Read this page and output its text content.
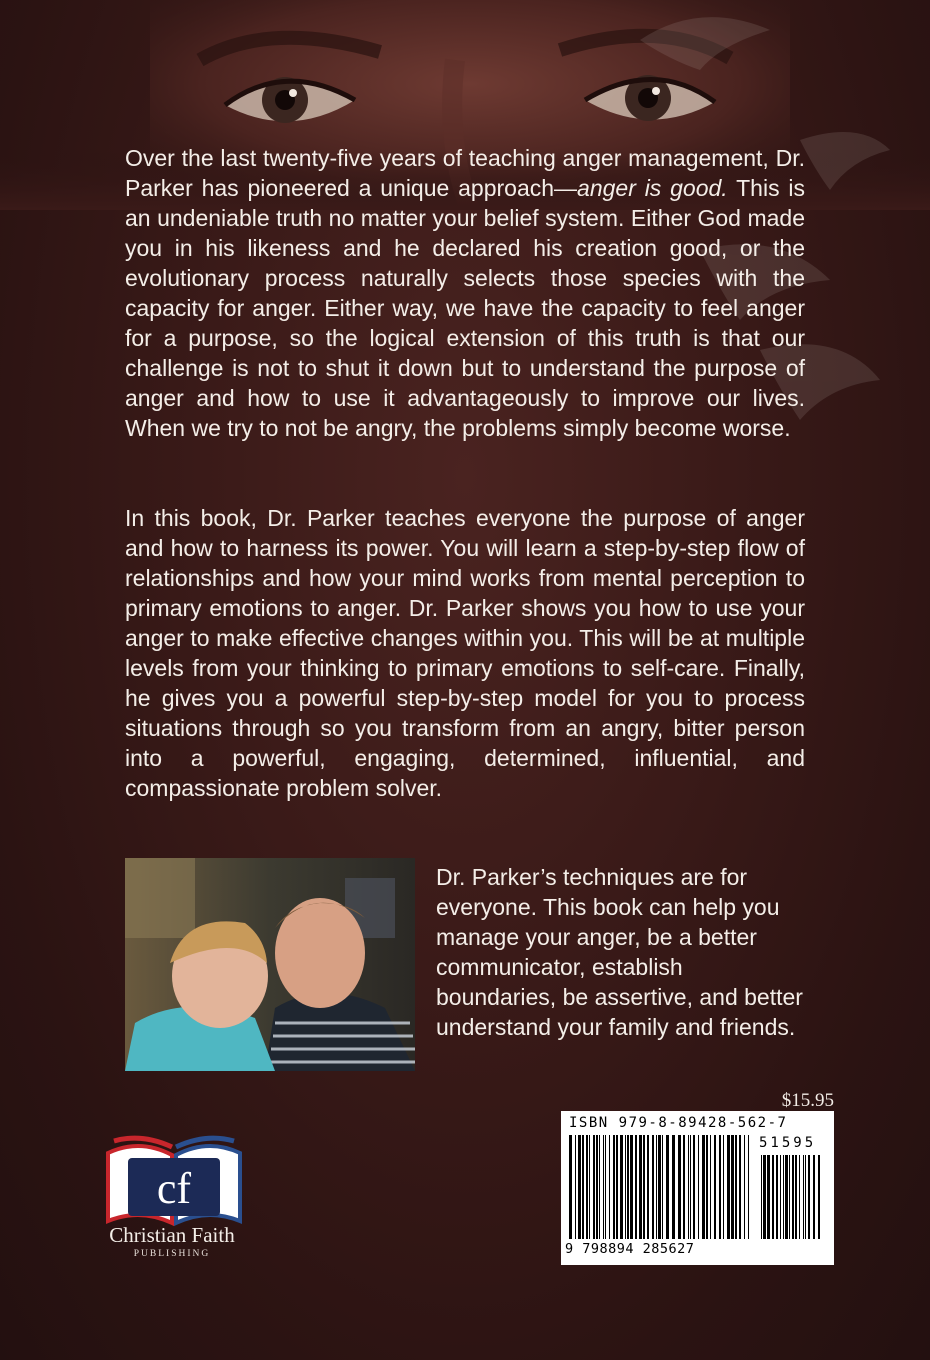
Over the last twenty-five years of teaching anger management, Dr. Parker has pioneered a unique approach—anger is good. This is an undeniable truth no matter your belief system. Either God made you in his likeness and he declared his creation good, or the evolutionary process naturally selects those species with the capacity for anger. Either way, we have the capacity to feel anger for a purpose, so the logical extension of this truth is that our challenge is not to shut it down but to understand the purpose of anger and how to use it advantageously to improve our lives. When we try to not be angry, the problems simply become worse.
In this book, Dr. Parker teaches everyone the purpose of anger and how to harness its power. You will learn a step-by-step flow of relationships and how your mind works from mental perception to primary emotions to anger. Dr. Parker shows you how to use your anger to make effective changes within you. This will be at multiple levels from your thinking to primary emotions to self-care. Finally, he gives you a powerful step-by-step model for you to process situations through so you transform from an angry, bitter person into a powerful, engaging, determined, influential, and compassionate problem solver.
Dr. Parker’s techniques are for everyone. This book can help you manage your anger, be a better communicator, establish boundaries, be assertive, and better understand your family and friends.
$15.95
ISBN 979-8-89428-562-7
51595
9 798894 285627
cf
Christian Faith
PUBLISHING
